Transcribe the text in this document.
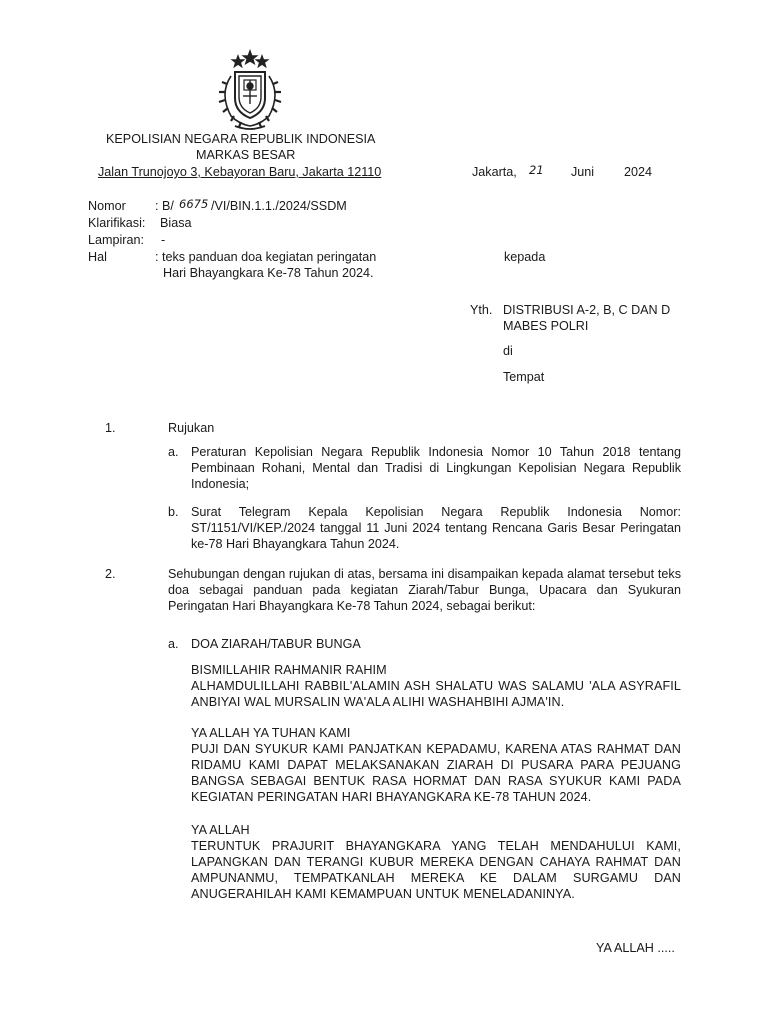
KEPOLISIAN NEGARA REPUBLIK INDONESIA
MARKAS BESAR
Jalan Trunojoyo 3, Kebayoran Baru, Jakarta 12110	Jakarta, 21 Juni 2024
Nomor : B/ 6675 /VI/BIN.1.1./2024/SSDM
Klarifikasi: Biasa
Lampiran: -
Hal	: teks panduan doa kegiatan peringatan
Hari Bhayangkara Ke-78 Tahun 2024.
kepada
Yth. DISTRIBUSI A-2, B, C DAN D
MABES POLRI
di
Tempat
1.	Rujukan
a. Peraturan Kepolisian Negara Republik Indonesia Nomor 10 Tahun 2018 tentang Pembinaan Rohani, Mental dan Tradisi di Lingkungan Kepolisian Negara Republik Indonesia;
b. Surat Telegram Kepala Kepolisian Negara Republik Indonesia Nomor: ST/1151/VI/KEP./2024 tanggal 11 Juni 2024 tentang Rencana Garis Besar Peringatan ke-78 Hari Bhayangkara Tahun 2024.
2.	Sehubungan dengan rujukan di atas, bersama ini disampaikan kepada alamat tersebut teks doa sebagai panduan pada kegiatan Ziarah/Tabur Bunga, Upacara dan Syukuran Peringatan Hari Bhayangkara Ke-78 Tahun 2024, sebagai berikut:
a. DOA ZIARAH/TABUR BUNGA
BISMILLAHIR RAHMANIR RAHIM
ALHAMDULILLAHI RABBIL'ALAMIN ASH SHALATU WAS SALAMU 'ALA ASYRAFIL ANBIYAI WAL MURSALIN WA'ALA ALIHI WASHAHBIHI AJMA'IN.
YA ALLAH YA TUHAN KAMI
PUJI DAN SYUKUR KAMI PANJATKAN KEPADAMU, KARENA ATAS RAHMAT DAN RIDAMU KAMI DAPAT MELAKSANAKAN ZIARAH DI PUSARA PARA PEJUANG BANGSA SEBAGAI BENTUK RASA HORMAT DAN RASA SYUKUR KAMI PADA KEGIATAN PERINGATAN HARI BHAYANGKARA KE-78 TAHUN 2024.
YA ALLAH
TERUNTUK PRAJURIT BHAYANGKARA YANG TELAH MENDAHULUI KAMI, LAPANGKAN DAN TERANGI KUBUR MEREKA DENGAN CAHAYA RAHMAT DAN AMPUNANMU, TEMPATKANLAH MEREKA KE DALAM SURGAMU DAN ANUGERAHILAH KAMI KEMAMPUAN UNTUK MENELADANINYA.
YA ALLAH .....
